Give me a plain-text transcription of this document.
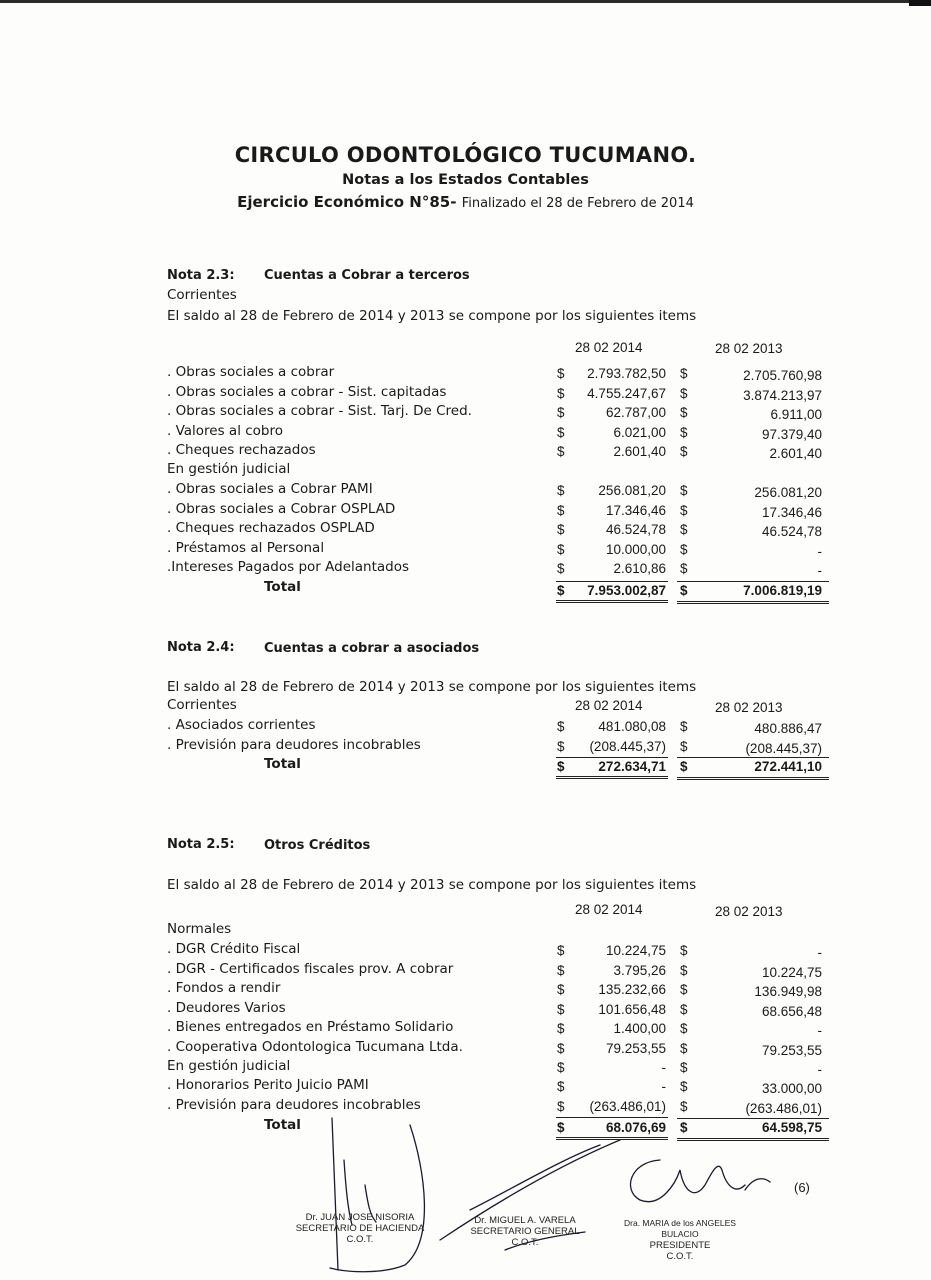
CIRCULO ODONTOLÓGICO TUCUMANO.
Notas a los Estados Contables
Ejercicio Económico N°85- Finalizado el 28 de Febrero de 2014
Nota 2.3: Cuentas a Cobrar a terceros
Corrientes
El saldo al 28 de Febrero de 2014 y 2013 se compone por los siguientes items
28 02 2014	28 02 2013
. Obras sociales a cobrar	$	2.793.782,50 $	2.705.760,98
. Obras sociales a cobrar - Sist. capitadas	$	4.755.247,67 $	3.874.213,97
. Obras sociales a cobrar - Sist. Tarj. De Cred.	$	62.787,00 $	6.911,00
. Valores al cobro	$	6.021,00 $	97.379,40
. Cheques rechazados	$	2.601,40 $	2.601,40
En gestión judicial
. Obras sociales a Cobrar PAMI	$	256.081,20 $	256.081,20
. Obras sociales a Cobrar OSPLAD	$	17.346,46 $	17.346,46
. Cheques rechazados OSPLAD	$	46.524,78 $	46.524,78
. Préstamos al Personal	$	10.000,00 $	-
.Intereses Pagados por Adelantados	$	2.610,86 $	-
Total	$	7.953.002,87 $	7.006.819,19
Nota 2.4: Cuentas a cobrar a asociados
El saldo al 28 de Febrero de 2014 y 2013 se compone por los siguientes items
Corrientes	28 02 2014	28 02 2013
. Asociados corrientes	$	481.080,08 $	480.886,47
. Previsión para deudores incobrables	$	(208.445,37) $	(208.445,37)
Total	$	272.634,71 $	272.441,10
Nota 2.5: Otros Créditos
El saldo al 28 de Febrero de 2014 y 2013 se compone por los siguientes items
28 02 2014	28 02 2013
Normales
. DGR Crédito Fiscal	$	10.224,75 $	-
. DGR - Certificados fiscales prov. A cobrar	$	3.795,26 $	10.224,75
. Fondos a rendir	$	135.232,66 $	136.949,98
. Deudores Varios	$	101.656,48 $	68.656,48
. Bienes entregados en Préstamo Solidario	$	1.400,00 $	-
. Cooperativa Odontologica Tucumana Ltda.	$	79.253,55 $	79.253,55
En gestión judicial	$	- $	-
. Honorarios Perito Juicio PAMI	$	- $	33.000,00
. Previsión para deudores incobrables	$	(263.486,01) $	(263.486,01)
Total	$	68.076,69 $	64.598,75
Dr. JUAN JOSE NISORIA
SECRETARIO DE HACIENDA
C.O.T.
Dr. MIGUEL A. VARELA
SECRETARIO GENERAL
C.O.T.
Dra. MARIA de los ANGELES BULACIO
PRESIDENTE
C.O.T.
(6)
